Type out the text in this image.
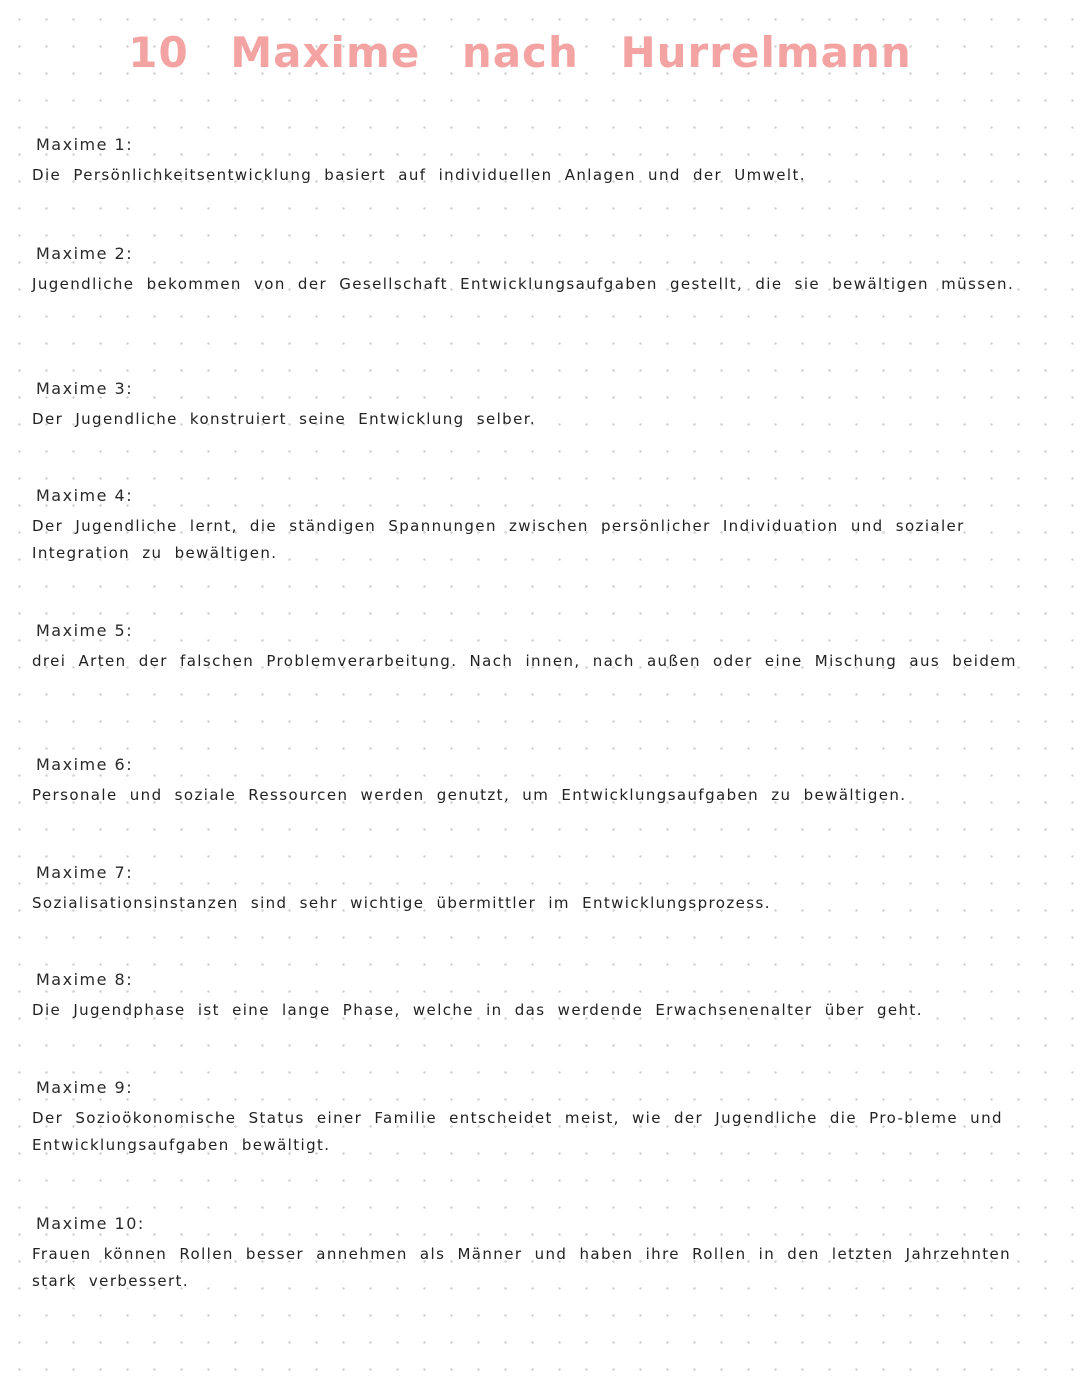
10 Maxime nach Hurrelmann

Maxime 1:

Die Persönlichkeitsentwicklung basiert auf individuellen Anlagen und der Umwelt.

Maxime 2:

Jugendliche bekommen von der Gesellschaft Entwicklungsaufgaben gestellt, die sie bewältigen müssen.

Maxime 3:

Der Jugendliche konstruiert seine Entwicklung selber.

Maxime 4:

Der Jugendliche lernt, die ständigen Spannungen zwischen persönlicher Individuation und sozialer Integration zu bewältigen.

Maxime 5:

drei Arten der falschen Problemverarbeitung. Nach innen, nach außen oder eine Mischung aus beidem

Maxime 6:

Personale und soziale Ressourcen werden genutzt, um Entwicklungsaufgaben zu bewältigen.

Maxime 7:

Sozialisationsinstanzen sind sehr wichtige übermittler im Entwicklungsprozess.

Maxime 8:

Die Jugendphase ist eine lange Phase, welche in das werdende Erwachsenenalter über geht.

Maxime 9:

Der Sozioökonomische Status einer Familie entscheidet meist, wie der Jugendliche die Pro-bleme und Entwicklungsaufgaben bewältigt.

Maxime 10:

Frauen können Rollen besser annehmen als Männer und haben ihre Rollen in den letzten Jahrzehnten stark verbessert.
